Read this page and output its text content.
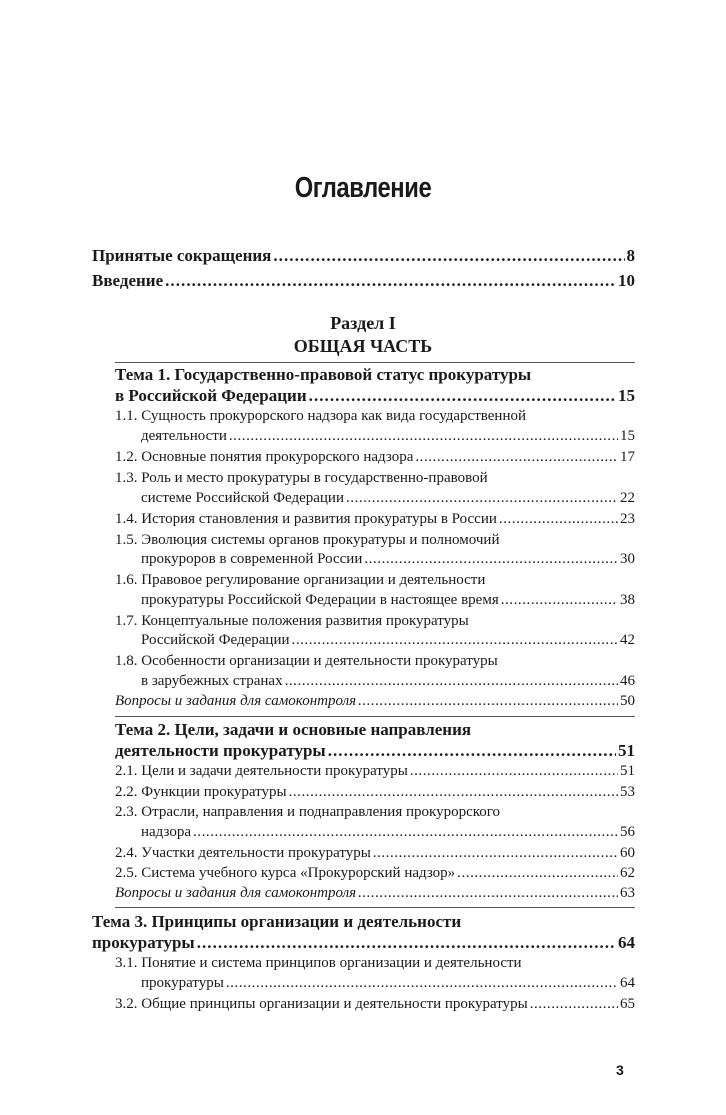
Оглавление
Принятые сокращения . . .	8
Введение . . .	10
Раздел I
ОБЩАЯ ЧАСТЬ
Тема 1. Государственно-правовой статус прокуратуры
в Российской Федерации . . .	15
1.1. Сущность прокурорского надзора как вида государственной
деятельности . . .	15
1.2. Основные понятия прокурорского надзора . . .	17
1.3. Роль и место прокуратуры в государственно-правовой
системе Российской Федерации . . .	22
1.4. История становления и развития прокуратуры в России . . .	23
1.5. Эволюция системы органов прокуратуры и полномочий
прокуроров в современной России . . .	30
1.6. Правовое регулирование организации и деятельности
прокуратуры Российской Федерации в настоящее время . . .	38
1.7. Концептуальные положения развития прокуратуры
Российской Федерации . . .	42
1.8. Особенности организации и деятельности прокуратуры
в зарубежных странах . . .	46
Вопросы и задания для самоконтроля . . .	50
Тема 2. Цели, задачи и основные направления
деятельности прокуратуры . . .	51
2.1. Цели и задачи деятельности прокуратуры . . .	51
2.2. Функции прокуратуры . . .	53
2.3. Отрасли, направления и поднаправления прокурорского
надзора . . .	56
2.4. Участки деятельности прокуратуры . . .	60
2.5. Система учебного курса «Прокурорский надзор» . . .	62
Вопросы и задания для самоконтроля . . .	63
Тема 3. Принципы организации и деятельности
прокуратуры . . .	64
3.1. Понятие и система принципов организации и деятельности
прокуратуры . . .	64
3.2. Общие принципы организации и деятельности прокуратуры . . .	65
3
